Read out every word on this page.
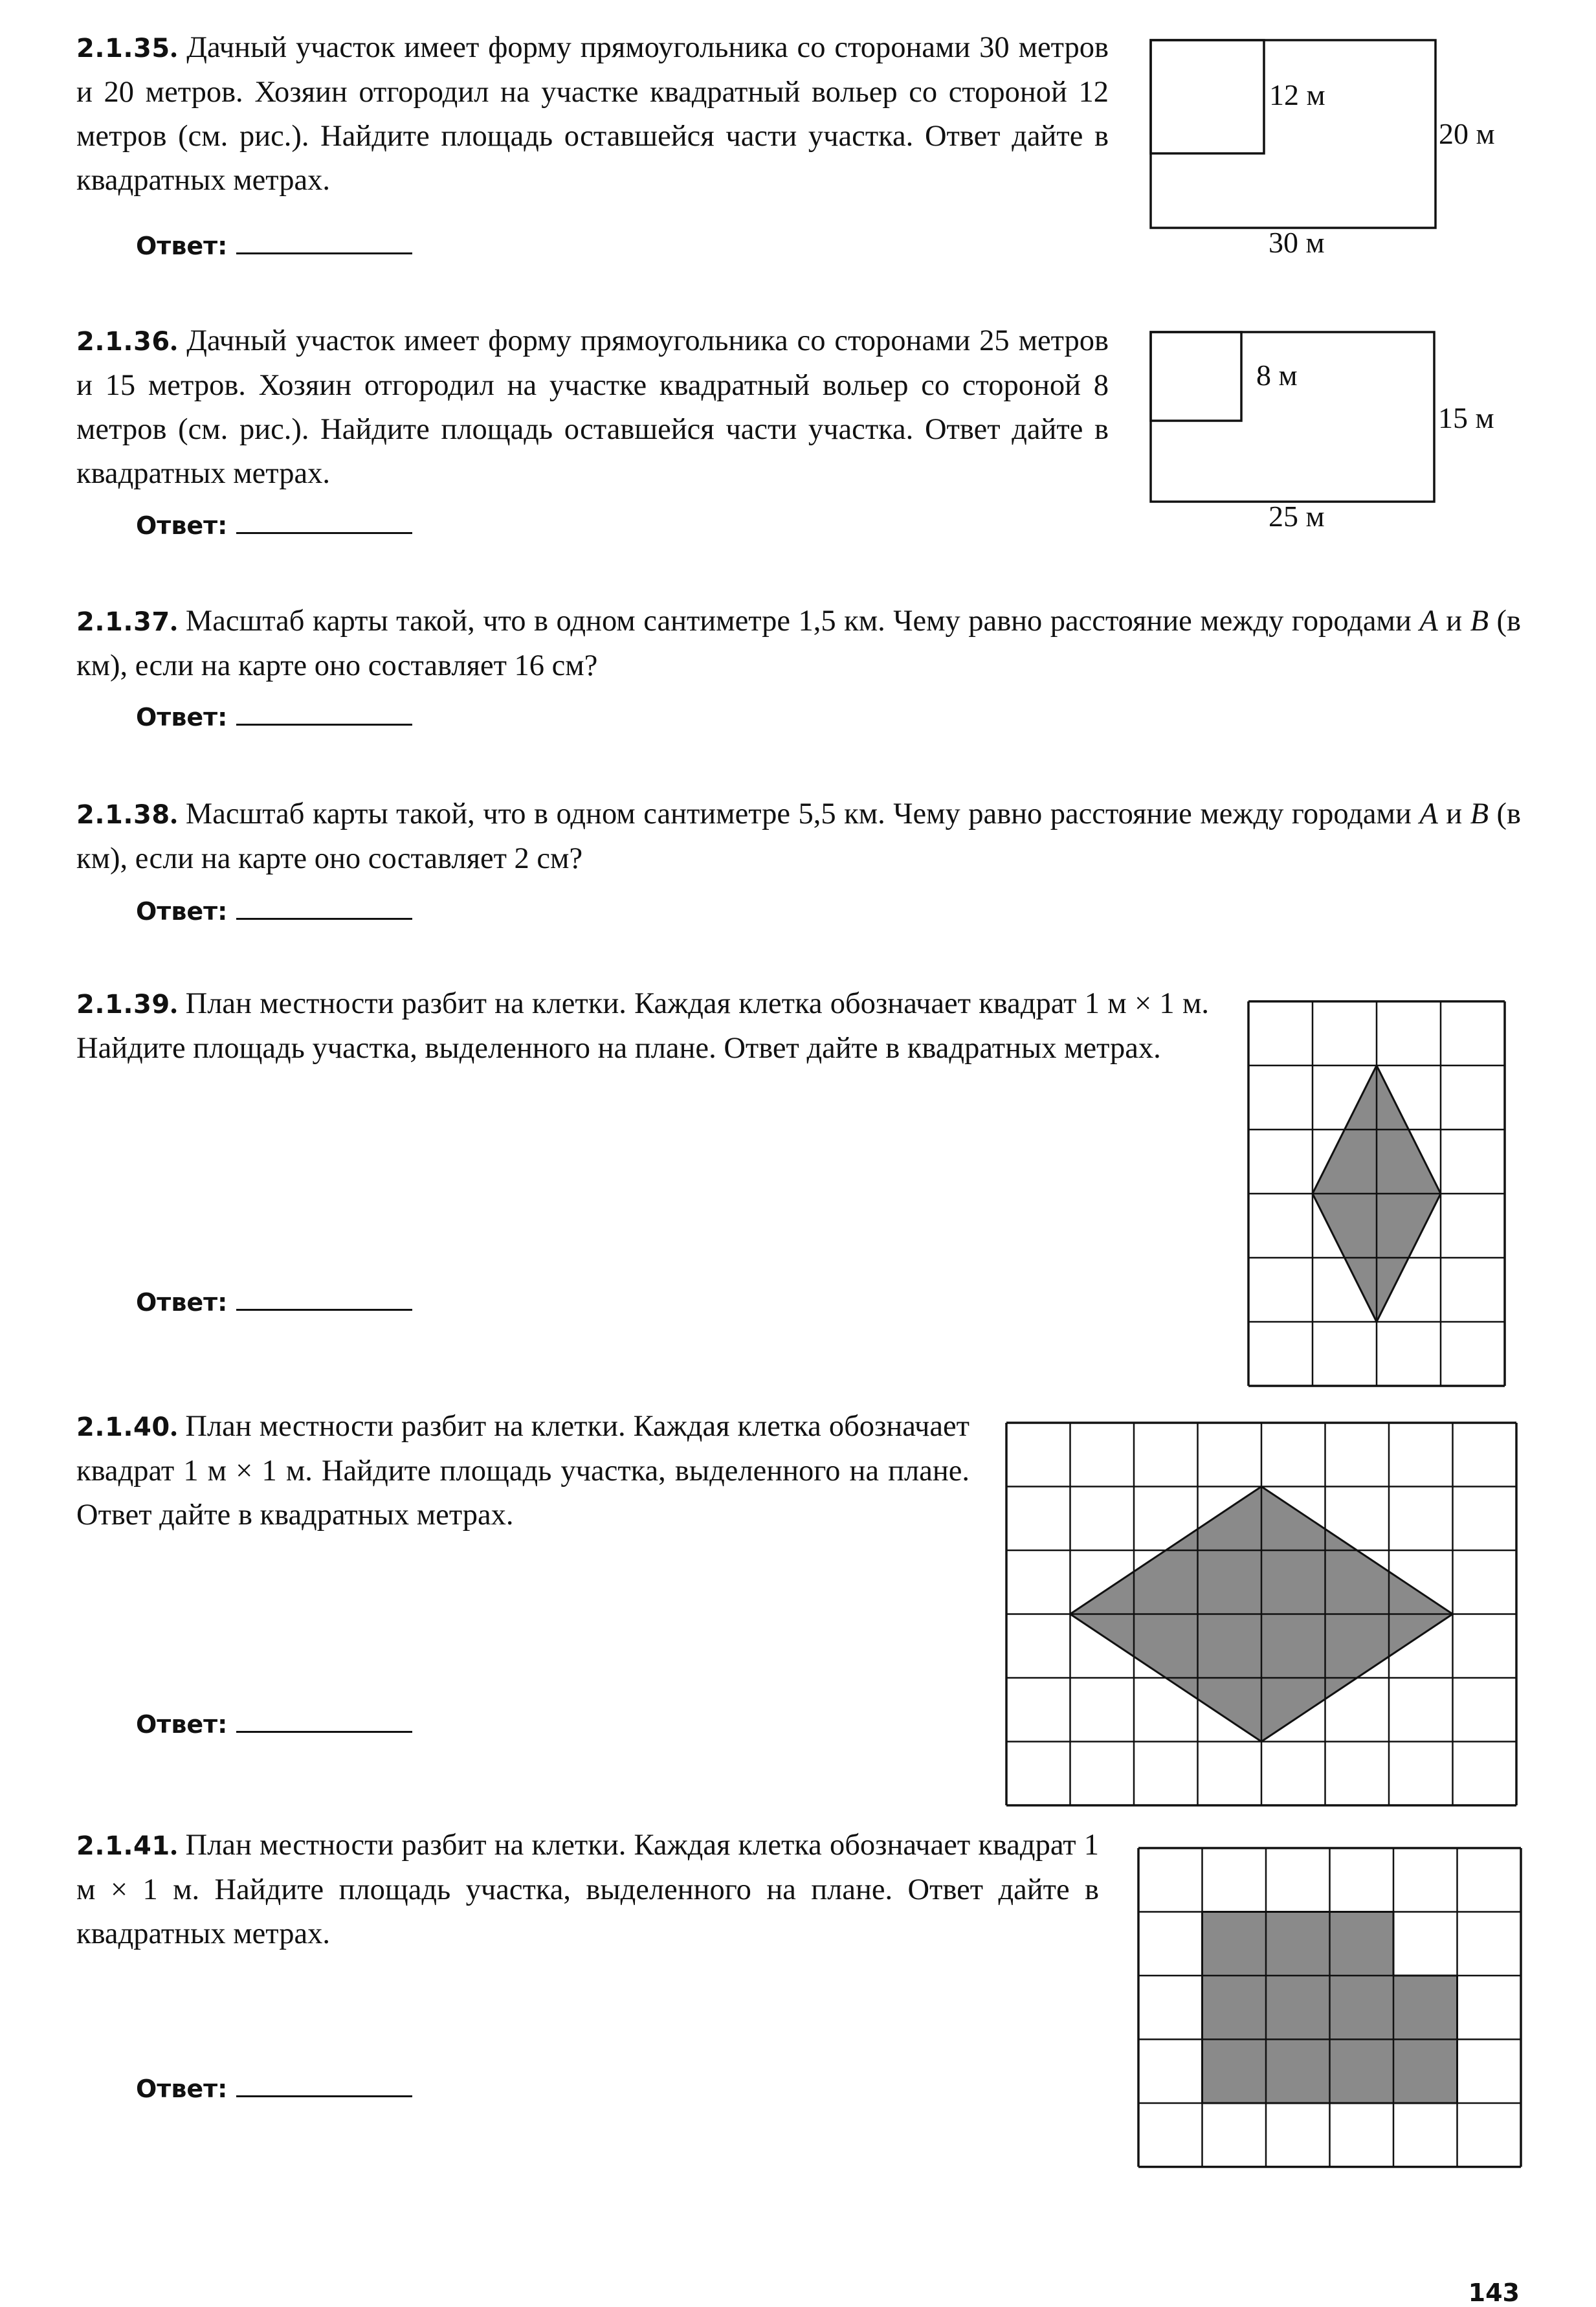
2.1.35. Дачный участок имеет форму прямоугольника со сторонами 30 метров и 20 метров. Хозяин отгородил на участке квадратный вольер со стороной 12 метров (см. рис.). Найдите площадь оставшейся части участка. Ответ дайте в квадратных метрах.

Ответ:
12 м
20 м
30 м

2.1.36. Дачный участок имеет форму прямоугольника со сторонами 25 метров и 15 метров. Хозяин отгородил на участке квадратный вольер со стороной 8 метров (см. рис.). Найдите площадь оставшейся части участка. Ответ дайте в квадратных метрах.

Ответ:
8 м
15 м
25 м

2.1.37. Масштаб карты такой, что в одном сантиметре 1,5 км. Чему равно расстояние между городами A и B (в км), если на карте оно составляет 16 см?

Ответ:

2.1.38. Масштаб карты такой, что в одном сантиметре 5,5 км. Чему равно расстояние между городами A и B (в км), если на карте оно составляет 2 см?

Ответ:

2.1.39. План местности разбит на клетки. Каждая клетка обозначает квадрат 1 м × 1 м. Найдите площадь участка, выделенного на плане. Ответ дайте в квадратных метрах.

Ответ:

2.1.40. План местности разбит на клетки. Каждая клетка обозначает квадрат 1 м × 1 м. Найдите площадь участка, выделенного на плане. Ответ дайте в квадратных метрах.

Ответ:

2.1.41. План местности разбит на клетки. Каждая клетка обозначает квадрат 1 м × 1 м. Найдите площадь участка, выделенного на плане. Ответ дайте в квадратных метрах.

Ответ:
143
